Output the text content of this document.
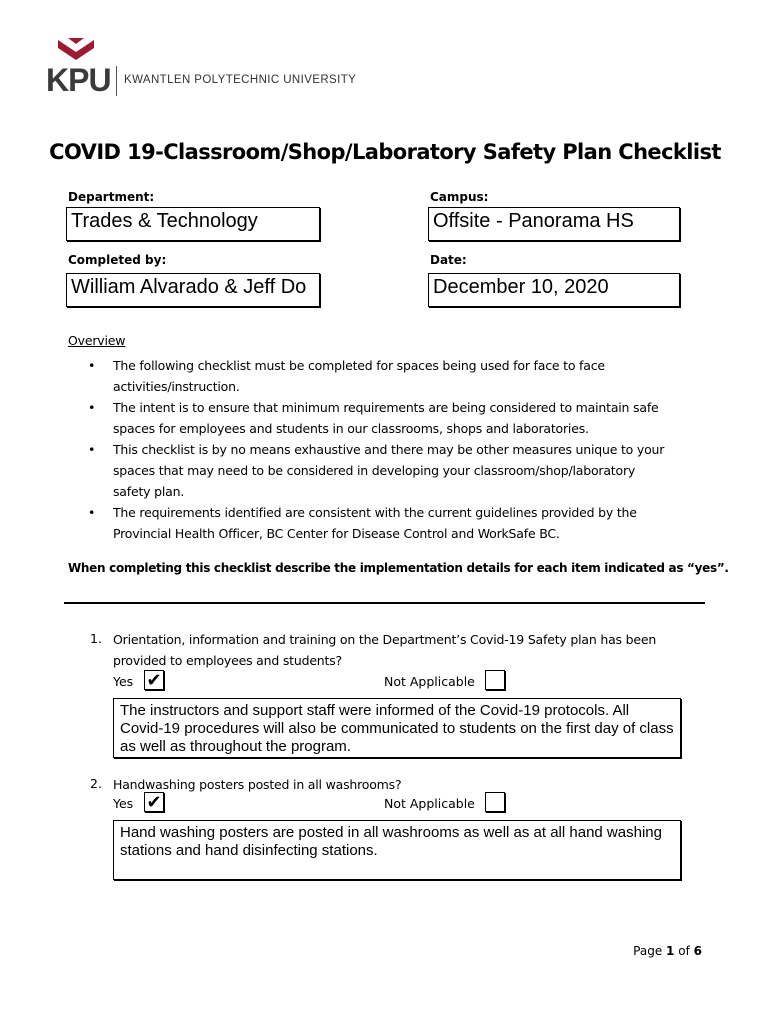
KPU KWANTLEN POLYTECHNIC UNIVERSITY
COVID 19-Classroom/Shop/Laboratory Safety Plan Checklist
Department:
Trades & Technology
Campus:
Offsite - Panorama HS
Completed by:
William Alvarado & Jeff Do
Date:
December 10, 2020
Overview
• The following checklist must be completed for spaces being used for face to face activities/instruction.
• The intent is to ensure that minimum requirements are being considered to maintain safe spaces for employees and students in our classrooms, shops and laboratories.
• This checklist is by no means exhaustive and there may be other measures unique to your spaces that may need to be considered in developing your classroom/shop/laboratory safety plan.
• The requirements identified are consistent with the current guidelines provided by the Provincial Health Officer, BC Center for Disease Control and WorkSafe BC.
When completing this checklist describe the implementation details for each item indicated as “yes”.
1. Orientation, information and training on the Department’s Covid-19 Safety plan has been provided to employees and students?
Yes ✔	Not Applicable
The instructors and support staff were informed of the Covid-19 protocols. All Covid-19 procedures will also be communicated to students on the first day of class as well as throughout the program.
2. Handwashing posters posted in all washrooms?
Yes ✔	Not Applicable
Hand washing posters are posted in all washrooms as well as at all hand washing stations and hand disinfecting stations.
Page 1 of 6
